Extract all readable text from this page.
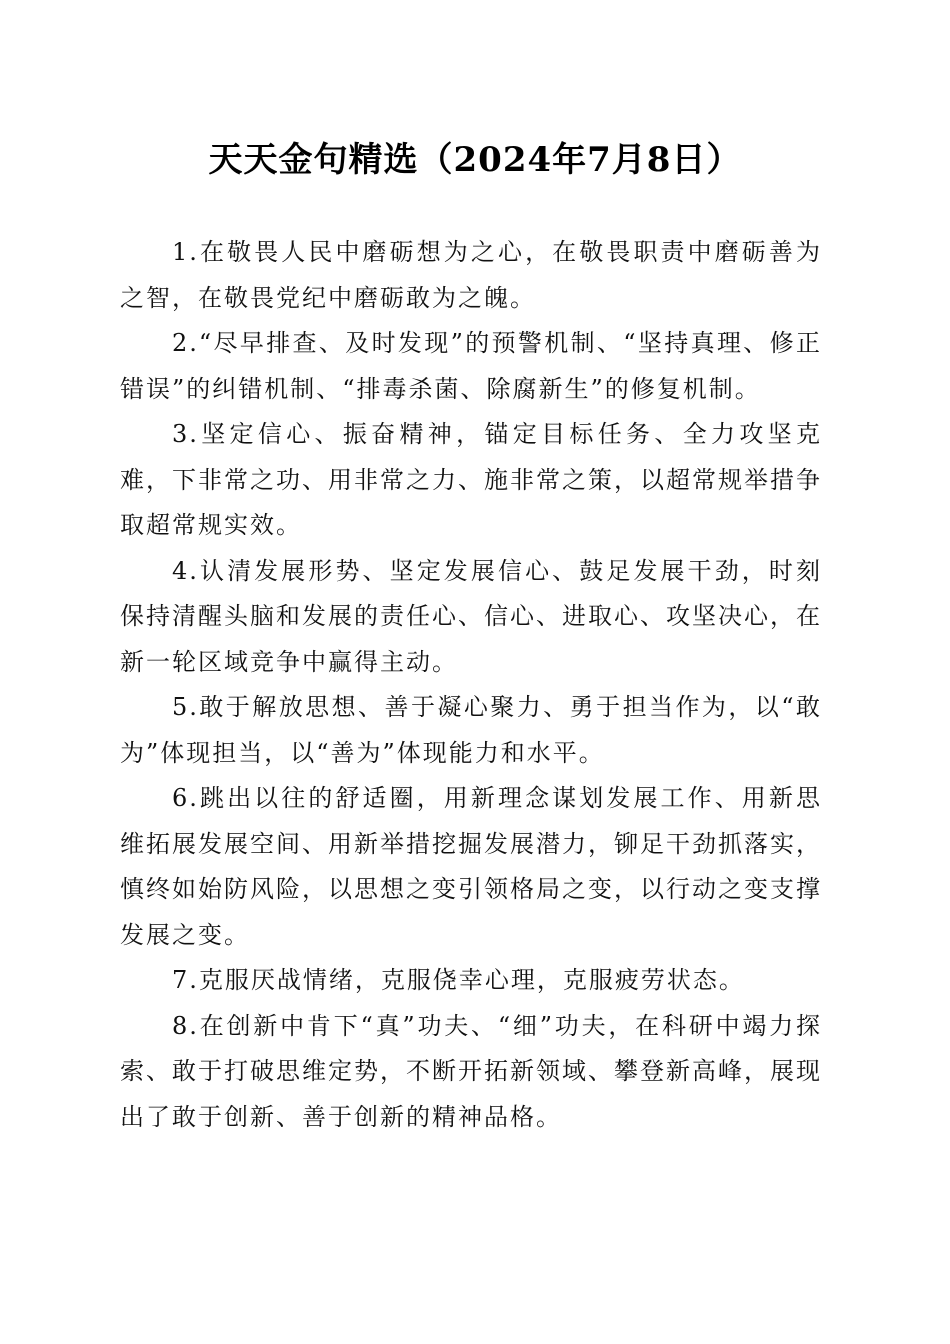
天天金句精选（2024年7月8日）

1.在敬畏人民中磨砺想为之心，在敬畏职责中磨砺善为之智，在敬畏党纪中磨砺敢为之魄。

2.“尽早排查、及时发现”的预警机制、“坚持真理、修正错误”的纠错机制、“排毒杀菌、除腐新生”的修复机制。

3.坚定信心、振奋精神，锚定目标任务、全力攻坚克难，下非常之功、用非常之力、施非常之策，以超常规举措争取超常规实效。

4.认清发展形势、坚定发展信心、鼓足发展干劲，时刻保持清醒头脑和发展的责任心、信心、进取心、攻坚决心，在新一轮区域竞争中赢得主动。

5.敢于解放思想、善于凝心聚力、勇于担当作为，以“敢为”体现担当，以“善为”体现能力和水平。

6.跳出以往的舒适圈，用新理念谋划发展工作、用新思维拓展发展空间、用新举措挖掘发展潜力，铆足干劲抓落实，慎终如始防风险，以思想之变引领格局之变，以行动之变支撑发展之变。

7.克服厌战情绪，克服侥幸心理，克服疲劳状态。

8.在创新中肯下“真”功夫、“细”功夫，在科研中竭力探索、敢于打破思维定势，不断开拓新领域、攀登新高峰，展现出了敢于创新、善于创新的精神品格。
